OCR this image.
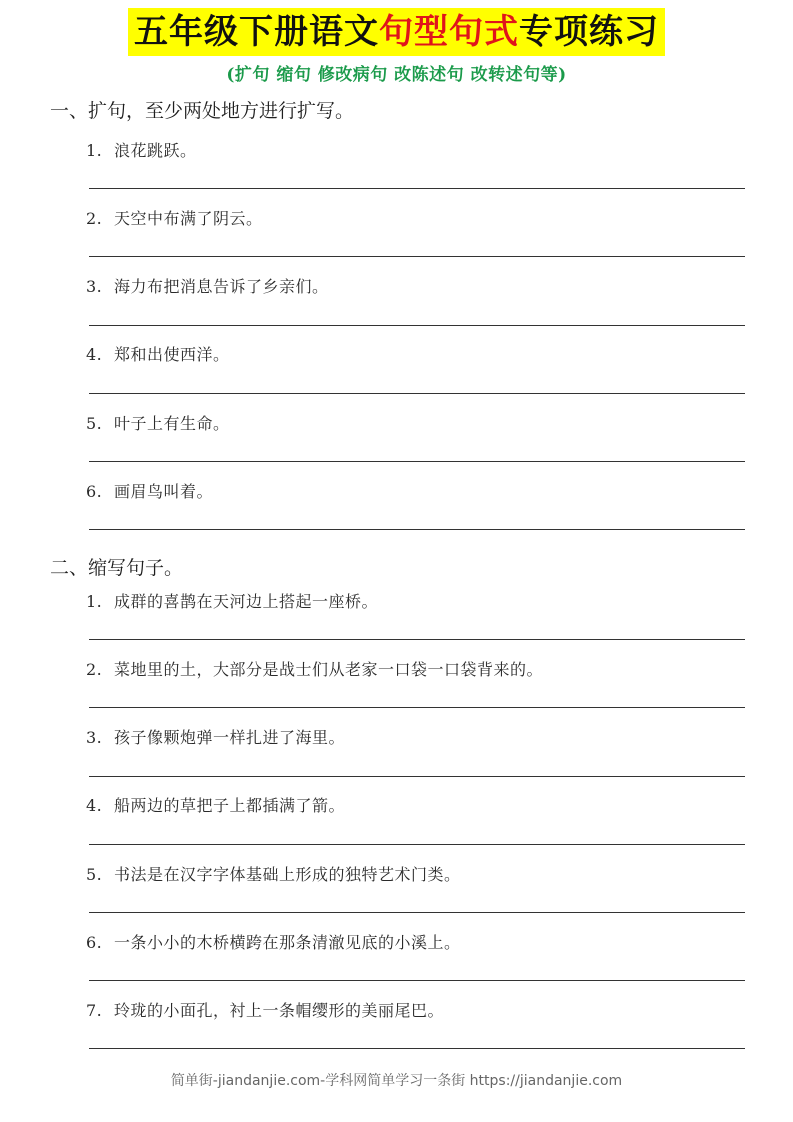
五年级下册语文句型句式专项练习
(扩句 缩句 修改病句 改陈述句 改转述句等)
一、扩句，至少两处地方进行扩写。
1. 浪花跳跃。
2. 天空中布满了阴云。
3. 海力布把消息告诉了乡亲们。
4. 郑和出使西洋。
5. 叶子上有生命。
6. 画眉鸟叫着。
二、缩写句子。
1. 成群的喜鹊在天河边上搭起一座桥。
2. 菜地里的土，大部分是战士们从老家一口袋一口袋背来的。
3. 孩子像颗炮弹一样扎进了海里。
4. 船两边的草把子上都插满了箭。
5. 书法是在汉字字体基础上形成的独特艺术门类。
6. 一条小小的木桥横跨在那条清澈见底的小溪上。
7. 玲珑的小面孔，衬上一条帽缨形的美丽尾巴。
简单街-jiandanjie.com-学科网简单学习一条街 https://jiandanjie.com
